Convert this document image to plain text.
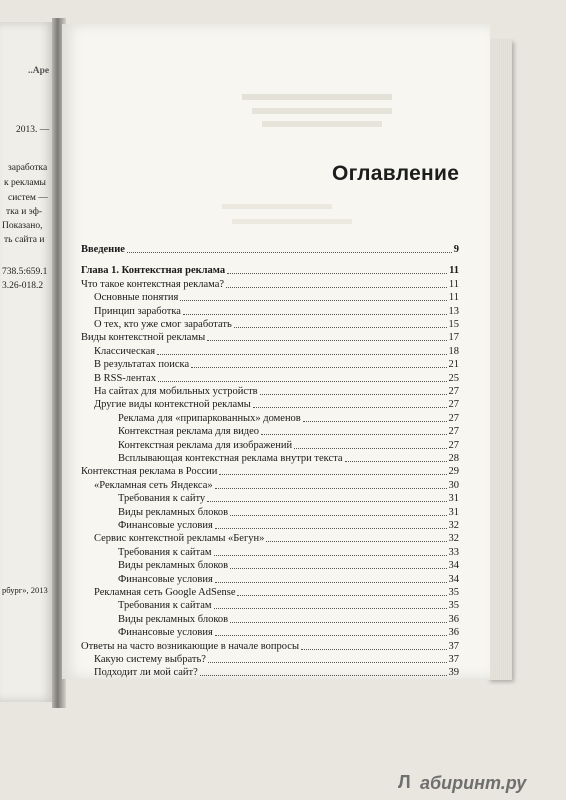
..Ape
2013. —
заработка
к рекламы
систем —
тка и эф-
Показано,
ть сайта и
738.5:659.1
3.26-018.2
рбург», 2013
Оглавление
Введение	9
Глава 1. Контекстная реклама	11
Что такое контекстная реклама?	11
Основные понятия	11
Принцип заработка	13
О тех, кто уже смог заработать	15
Виды контекстной рекламы	17
Классическая	18
В результатах поиска	21
В RSS-лентах	25
На сайтах для мобильных устройств	27
Другие виды контекстной рекламы	27
Реклама для «припаркованных» доменов	27
Контекстная реклама для видео	27
Контекстная реклама для изображений	27
Всплывающая контекстная реклама внутри текста	28
Контекстная реклама в России	29
«Рекламная сеть Яндекса»	30
Требования к сайту	31
Виды рекламных блоков	31
Финансовые условия	32
Сервис контекстной рекламы «Бегун»	32
Требования к сайтам	33
Виды рекламных блоков	34
Финансовые условия	34
Рекламная сеть Google AdSense	35
Требования к сайтам	35
Виды рекламных блоков	36
Финансовые условия	36
Ответы на часто возникающие в начале вопросы	37
Какую систему выбрать?	37
Подходит ли мой сайт?	39
Л абиринт.ру
